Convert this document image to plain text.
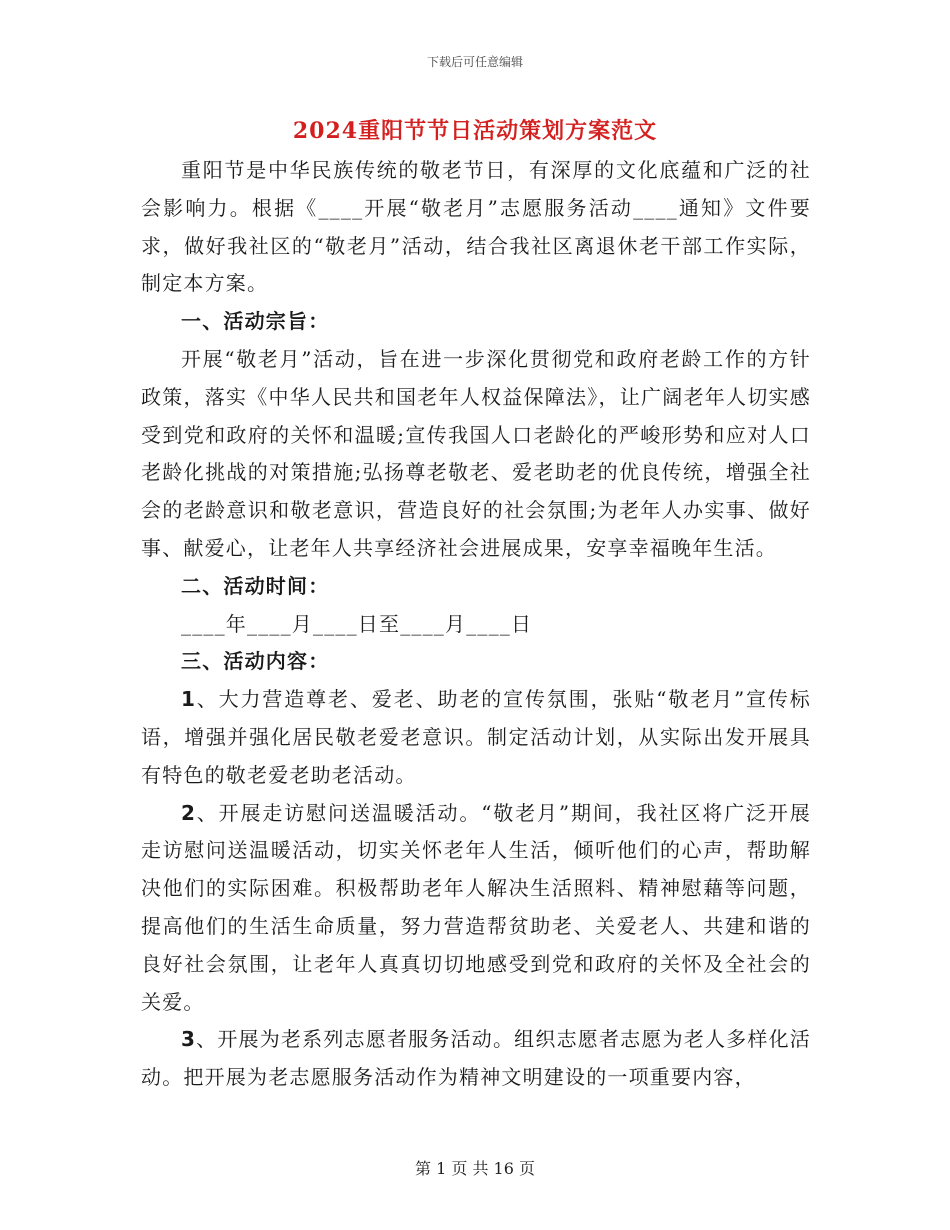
下载后可任意编辑
2024重阳节节日活动策划方案范文

重阳节是中华民族传统的敬老节日，有深厚的文化底蕴和广泛的社会影响力。根据《____开展“敬老月”志愿服务活动____通知》文件要求，做好我社区的“敬老月”活动，结合我社区离退休老干部工作实际，制定本方案。

一、活动宗旨：

开展“敬老月”活动，旨在进一步深化贯彻党和政府老龄工作的方针政策，落实《中华人民共和国老年人权益保障法》，让广阔老年人切实感受到党和政府的关怀和温暖;宣传我国人口老龄化的严峻形势和应对人口老龄化挑战的对策措施;弘扬尊老敬老、爱老助老的优良传统，增强全社会的老龄意识和敬老意识，营造良好的社会氛围;为老年人办实事、做好事、献爱心，让老年人共享经济社会进展成果，安享幸福晚年生活。

二、活动时间：

____年____月____日至____月____日

三、活动内容：

1、大力营造尊老、爱老、助老的宣传氛围，张贴“敬老月”宣传标语，增强并强化居民敬老爱老意识。制定活动计划，从实际出发开展具有特色的敬老爱老助老活动。

2、开展走访慰问送温暖活动。“敬老月”期间，我社区将广泛开展走访慰问送温暖活动，切实关怀老年人生活，倾听他们的心声，帮助解决他们的实际困难。积极帮助老年人解决生活照料、精神慰藉等问题，提高他们的生活生命质量，努力营造帮贫助老、关爱老人、共建和谐的良好社会氛围，让老年人真真切切地感受到党和政府的关怀及全社会的关爱。

3、开展为老系列志愿者服务活动。组织志愿者志愿为老人多样化活动。把开展为老志愿服务活动作为精神文明建设的一项重要内容，

第 1 页 共 16 页
